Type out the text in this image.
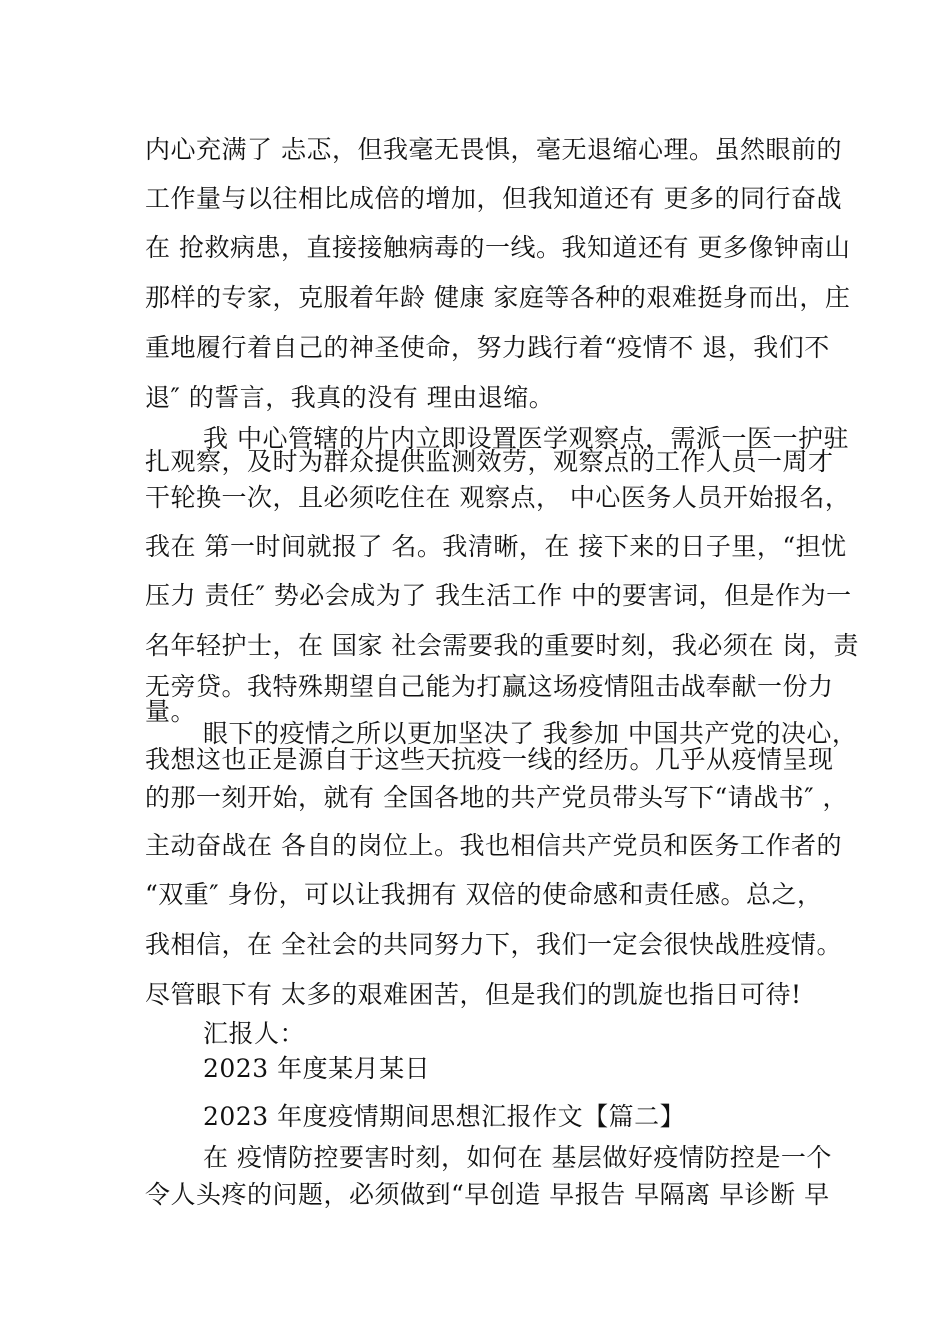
内心充满了 忐忑，但我毫无畏惧，毫无退缩心理。虽然眼前的
工作量与以往相比成倍的增加，但我知道还有 更多的同行奋战
在 抢救病患，直接接触病毒的一线。我知道还有 更多像钟南山
那样的专家，克服着年龄 健康 家庭等各种的艰难挺身而出，庄
重地履行着自己的神圣使命，努力践行着“疫情不 退，我们不
退″ 的誓言，我真的没有 理由退缩。
我 中心管辖的片内立即设置医学观察点，需派一医一护驻
扎观察，及时为群众提供监测效劳，观察点的工作人员一周才
干轮换一次，且必须吃住在 观察点， 中心医务人员开始报名，
我在 第一时间就报了 名。我清晰，在 接下来的日子里，“担忧
压力 责任″ 势必会成为了 我生活工作 中的要害词，但是作为一
名年轻护士，在 国家 社会需要我的重要时刻，我必须在 岗，责
无旁贷。我特殊期望自己能为打赢这场疫情阻击战奉献一份力
量。
眼下的疫情之所以更加坚决了 我参加 中国共产党的决心，
我想这也正是源自于这些天抗疫一线的经历。几乎从疫情呈现
的那一刻开始，就有 全国各地的共产党员带头写下“请战书″ ，
主动奋战在 各自的岗位上。我也相信共产党员和医务工作者的
“双重″ 身份，可以让我拥有 双倍的使命感和责任感。总之，
我相信，在 全社会的共同努力下，我们一定会很快战胜疫情。
尽管眼下有 太多的艰难困苦，但是我们的凯旋也指日可待!
汇报人：
2023 年度某月某日
2023 年度疫情期间思想汇报作文【篇二】
在 疫情防控要害时刻，如何在 基层做好疫情防控是一个
令人头疼的问题，必须做到“早创造 早报告 早隔离 早诊断 早
